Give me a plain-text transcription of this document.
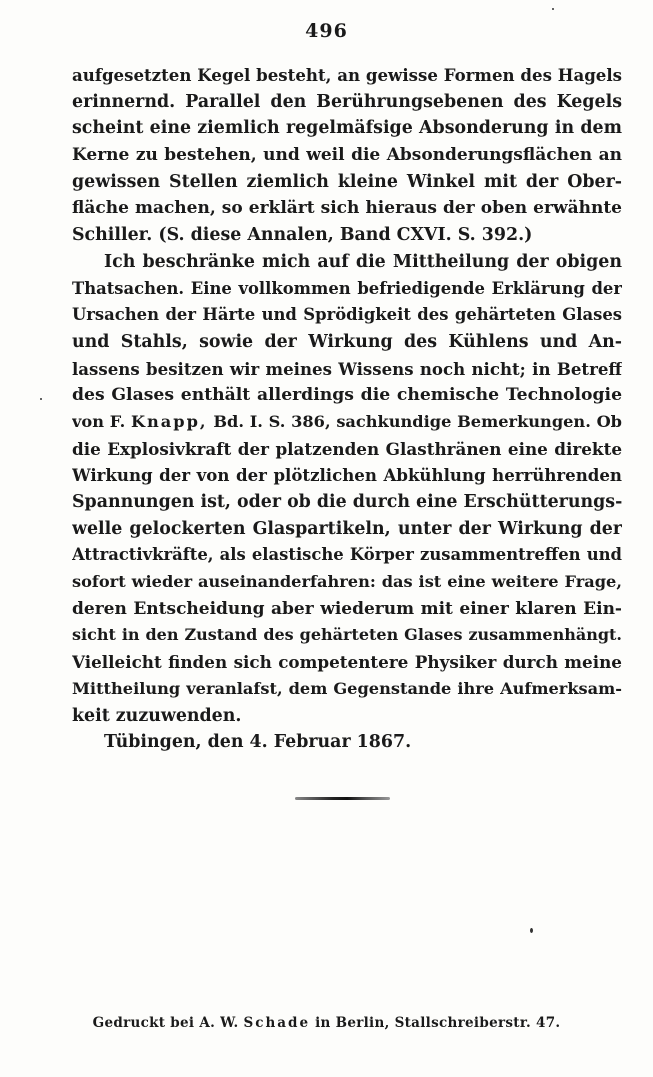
496
aufgesetzten Kegel besteht, an gewisse Formen des Hagels
erinnernd. Parallel den Berührungsebenen des Kegels
scheint eine ziemlich regelmäfsige Absonderung in dem
Kerne zu bestehen, und weil die Absonderungsflächen an
gewissen Stellen ziemlich kleine Winkel mit der Ober-
fläche machen, so erklärt sich hieraus der oben erwähnte
Schiller. (S. diese Annalen, Band CXVI. S. 392.)
Ich beschränke mich auf die Mittheilung der obigen
Thatsachen. Eine vollkommen befriedigende Erklärung der
Ursachen der Härte und Sprödigkeit des gehärteten Glases
und Stahls, sowie der Wirkung des Kühlens und An-
lassens besitzen wir meines Wissens noch nicht; in Betreff
des Glases enthält allerdings die chemische Technologie
von F. Knapp, Bd. I. S. 386, sachkundige Bemerkungen. Ob
die Explosivkraft der platzenden Glasthränen eine direkte
Wirkung der von der plötzlichen Abkühlung herrührenden
Spannungen ist, oder ob die durch eine Erschütterungs-
welle gelockerten Glaspartikeln, unter der Wirkung der
Attractivkräfte, als elastische Körper zusammentreffen und
sofort wieder auseinanderfahren: das ist eine weitere Frage,
deren Entscheidung aber wiederum mit einer klaren Ein-
sicht in den Zustand des gehärteten Glases zusammenhängt.
Vielleicht finden sich competentere Physiker durch meine
Mittheilung veranlafst, dem Gegenstande ihre Aufmerksam-
keit zuzuwenden.
Tübingen, den 4. Februar 1867.
Gedruckt bei A. W. Schade in Berlin, Stallschreiberstr. 47.
